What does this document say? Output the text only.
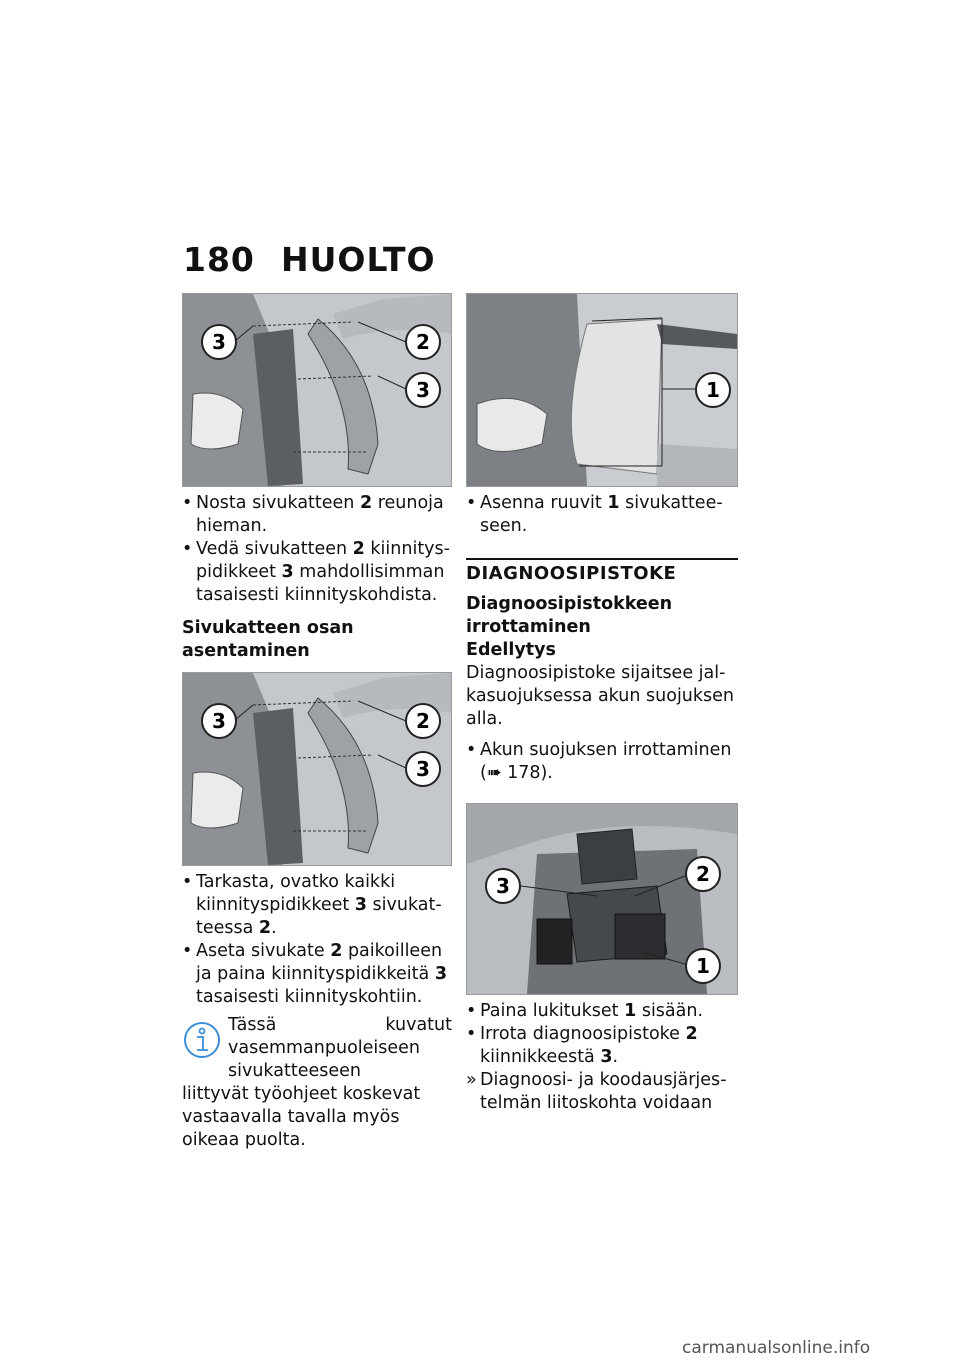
180 HUOLTO
3	2
3

• Nosta sivukatteen 2 reunoja hieman.

• Vedä sivukatteen 2 kiinnityspidikkeet 3 mahdollisimman tasaisesti kiinnityskohdista.

Sivukatteen osan asentaminen

3	2
3

• Tarkasta, ovatko kaikki kiinnityspidikkeet 3 sivukatteessa 2.

• Aseta sivukate 2 paikoilleen ja paina kiinnityspidikkeitä 3 tasaisesti kiinnityskohtiin.

Tässä kuvatut vasemmanpuoleiseen sivukatteeseen

liittyvät työohjeet koskevat vastaavalla tavalla myös oikeaa puolta.

1

• Asenna ruuvit 1 sivukatteeseen.

DIAGNOOSIPISTOKE

Diagnoosipistokkeen irrottaminen

Edellytys

Diagnoosipistoke sijaitsee jalkasuojuksessa akun suojuksen alla.

• Akun suojuksen irrottaminen
(➠ 178).

3	2
1

• Paina lukitukset 1 sisään.

• Irrota diagnoosipistoke 2 kiinnikkeestä 3.

» Diagnoosi- ja koodausjärjestelmän liitoskohta voidaan

carmanualsonline.info
